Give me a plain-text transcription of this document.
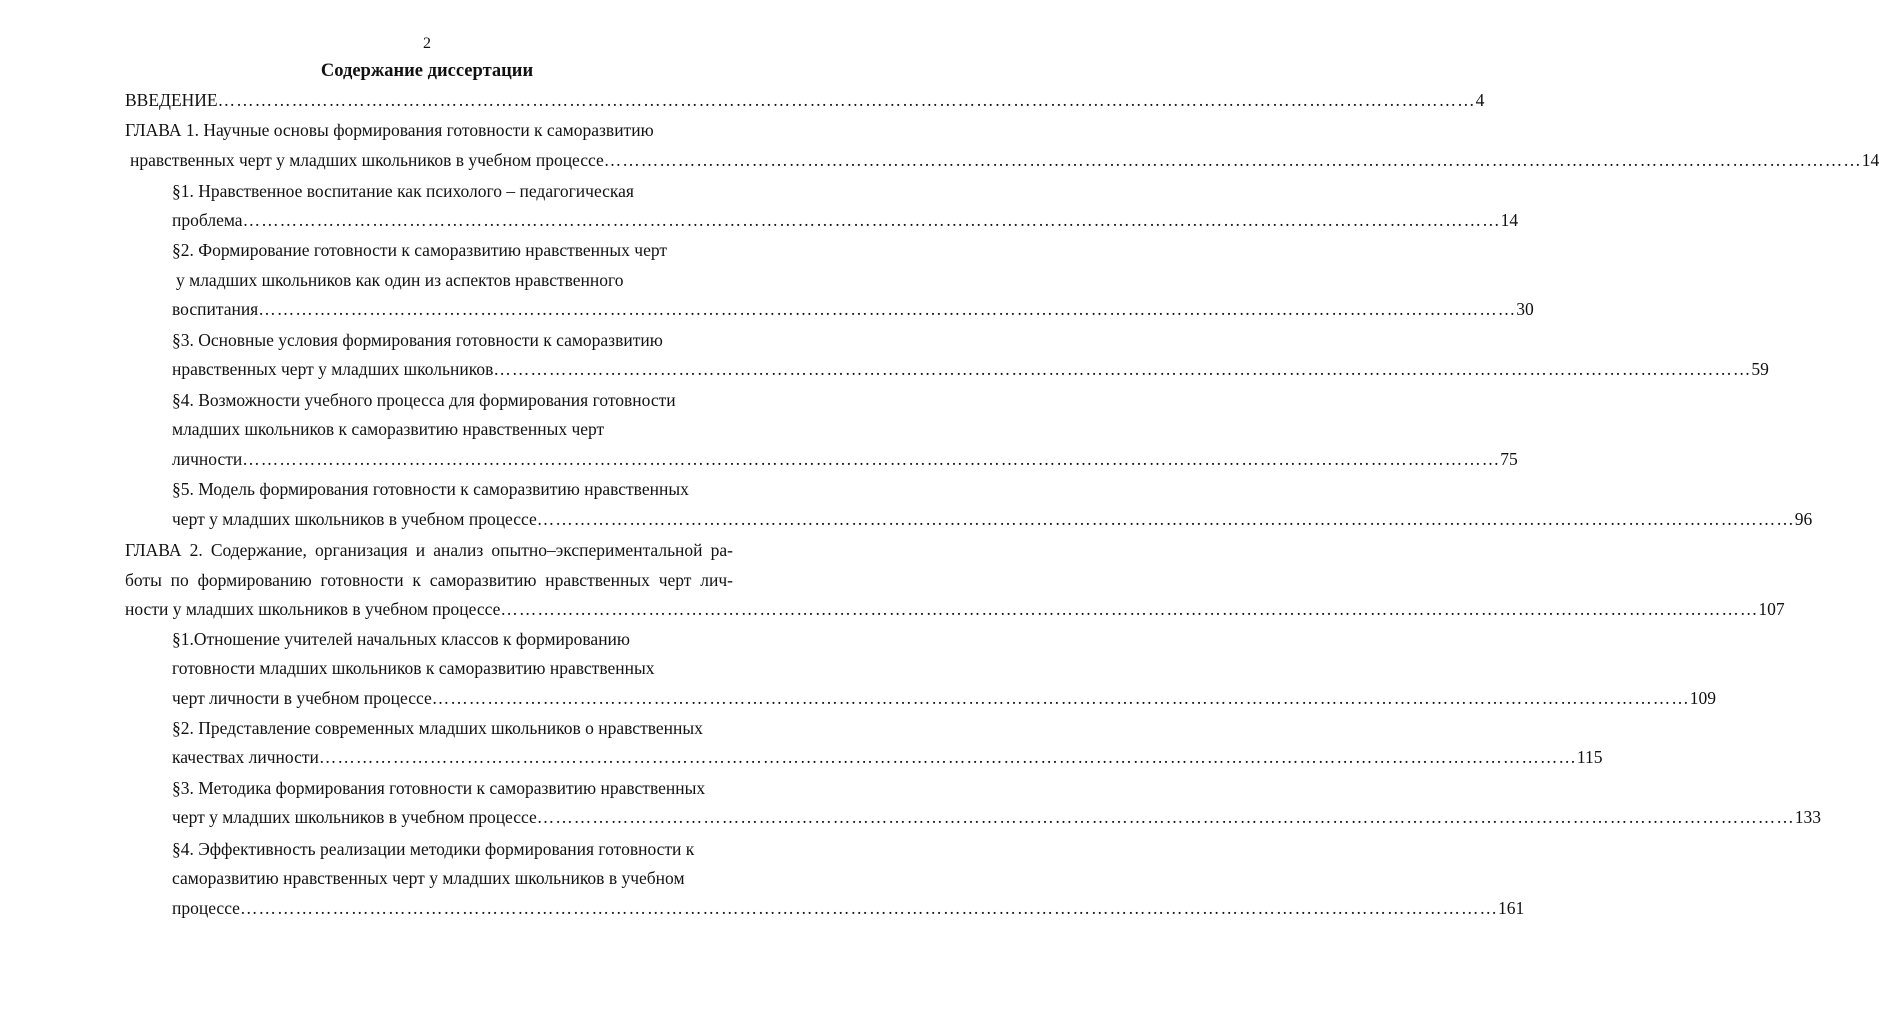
2
Содержание диссертации
ВВЕДЕНИЕ …………………………………………………………………………………………………………………………………………………………………………………… 4
ГЛАВА 1. Научные основы формирования готовности к саморазвитию
нравственных черт у младших школьников в учебном процессе …………………………………………………………………………………………………………………………………………………………………………………… 14
§1. Нравственное воспитание как психолого – педагогическая
проблема …………………………………………………………………………………………………………………………………………………………………………………… 14
§2. Формирование готовности к саморазвитию нравственных черт
у младших школьников как один из аспектов нравственного
воспитания …………………………………………………………………………………………………………………………………………………………………………………… 30
§3. Основные условия формирования готовности к саморазвитию
нравственных черт у младших школьников …………………………………………………………………………………………………………………………………………………………………………………… 59
§4. Возможности учебного процесса для формирования готовности
младших школьников к саморазвитию нравственных черт
личности …………………………………………………………………………………………………………………………………………………………………………………… 75
§5. Модель формирования готовности к саморазвитию нравственных
черт у младших школьников в учебном процессе …………………………………………………………………………………………………………………………………………………………………………………… 96
ГЛАВА 2. Содержание, организация и анализ опытно–экспериментальной ра-
боты по формированию готовности к саморазвитию нравственных черт лич-
ности у младших школьников в учебном процессе …………………………………………………………………………………………………………………………………………………………………………………… 107
§1.Отношение учителей начальных классов к формированию
готовности младших школьников к саморазвитию нравственных
черт личности в учебном процессе …………………………………………………………………………………………………………………………………………………………………………………… 109
§2. Представление современных младших школьников о нравственных
качествах личности …………………………………………………………………………………………………………………………………………………………………………………… 115
§3. Методика формирования готовности к саморазвитию нравственных
черт у младших школьников в учебном процессе …………………………………………………………………………………………………………………………………………………………………………………… 133
§4. Эффективность реализации методики формирования готовности к
саморазвитию нравственных черт у младших школьников в учебном
процессе …………………………………………………………………………………………………………………………………………………………………………………… 161
